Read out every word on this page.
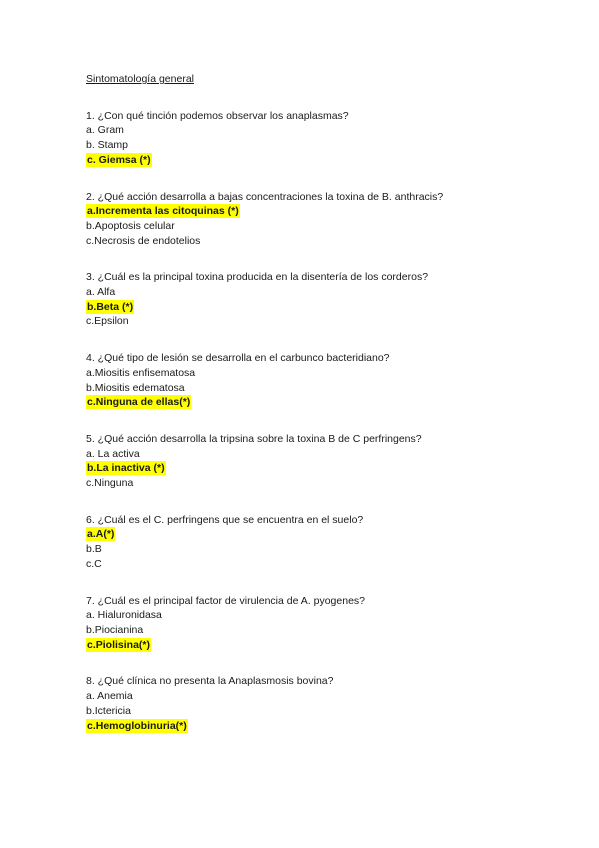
Sintomatología general
1. ¿Con qué tinción podemos observar los anaplasmas?
a. Gram
b. Stamp
c. Giemsa (*)
2. ¿Qué acción desarrolla a bajas concentraciones la toxina de B. anthracis?
a.Incrementa las citoquinas (*)
b.Apoptosis celular
c.Necrosis de endotelios
3. ¿Cuál es la principal toxina producida en la disentería de los corderos?
a. Alfa
b.Beta (*)
c.Epsilon
4. ¿Qué tipo de lesión se desarrolla en el carbunco bacteridiano?
a.Miositis enfisematosa
b.Miositis edematosa
c.Ninguna de ellas(*)
5. ¿Qué acción desarrolla la tripsina sobre la toxina B de C perfringens?
a. La activa
b.La inactiva (*)
c.Ninguna
6. ¿Cuál es el C. perfringens que se encuentra en el suelo?
a.A(*)
b.B
c.C
7. ¿Cuál es el principal factor de virulencia de A. pyogenes?
a. Hialuronidasa
b.Piocianina
c.Piolisina(*)
8. ¿Qué clínica no presenta la Anaplasmosis bovina?
a. Anemia
b.Ictericia
c.Hemoglobinuria(*)
